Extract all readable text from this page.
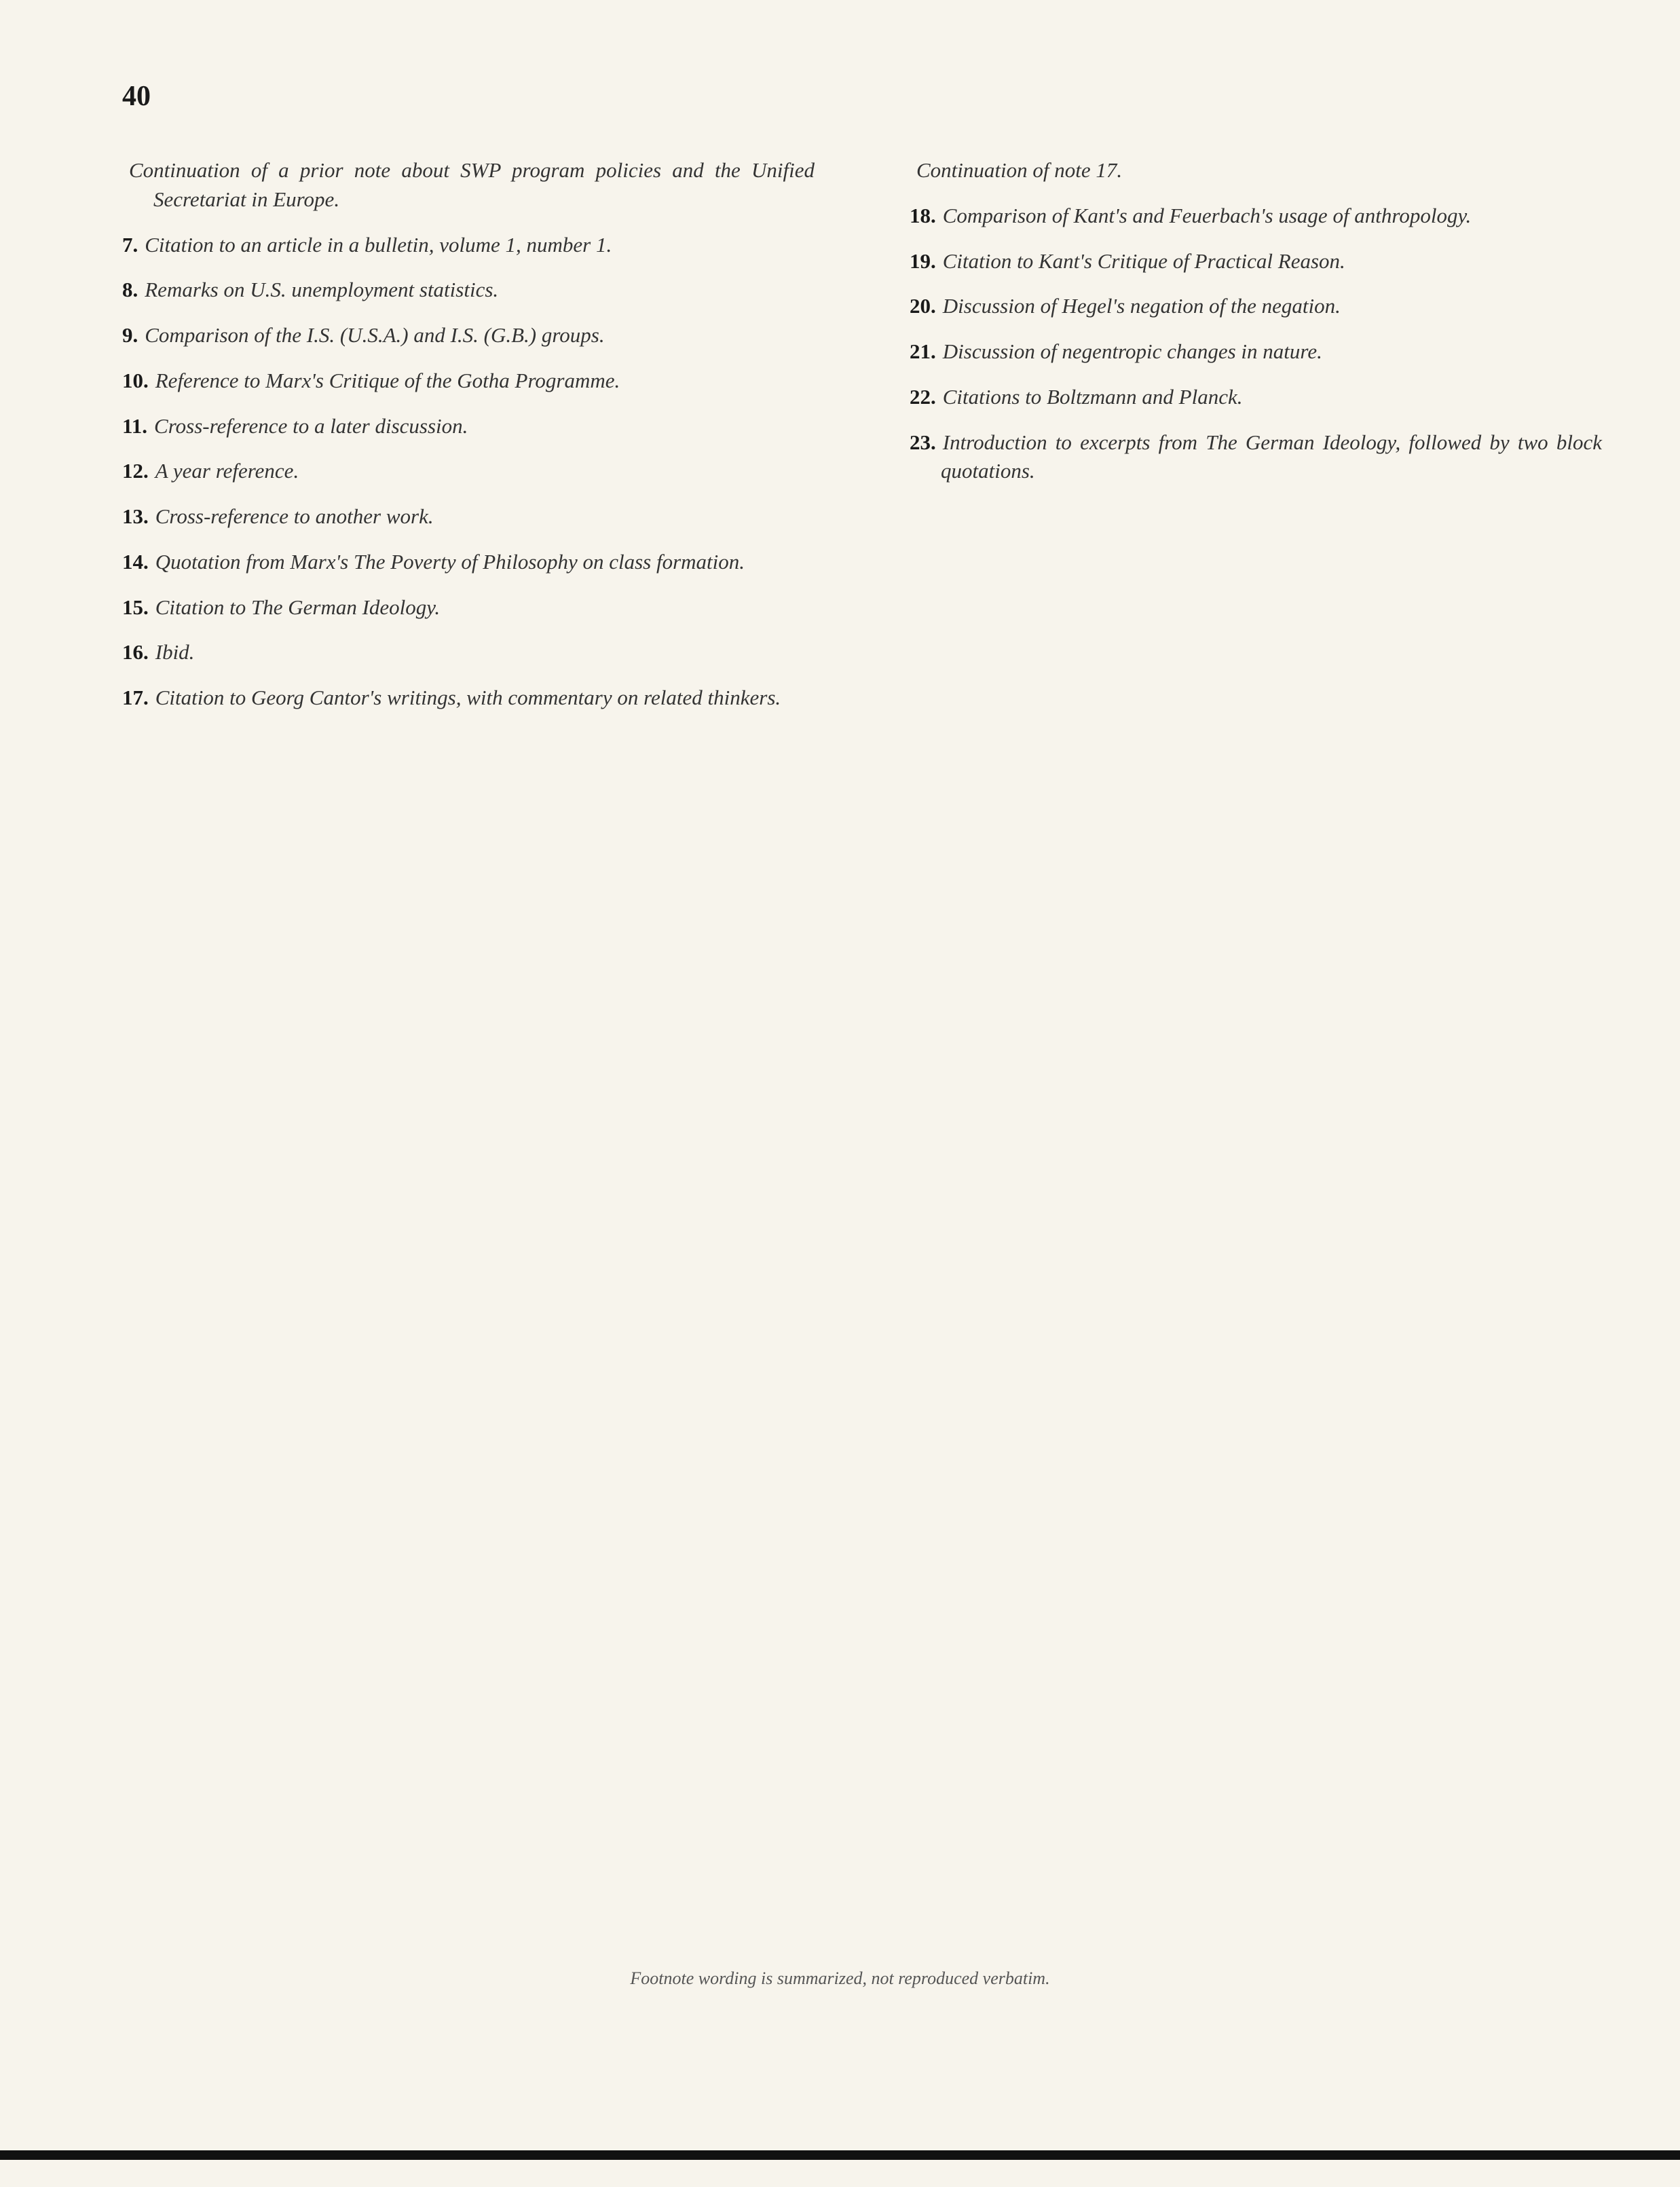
40

Continuation of a prior note about SWP program policies and the Unified Secretariat in Europe.

7. Citation to an article in a bulletin, volume 1, number 1.

8. Remarks on U.S. unemployment statistics.

9. Comparison of the I.S. (U.S.A.) and I.S. (G.B.) groups.

10. Reference to Marx's Critique of the Gotha Programme.

11. Cross-reference to a later discussion.

12. A year reference.

13. Cross-reference to another work.

14. Quotation from Marx's The Poverty of Philosophy on class formation.

15. Citation to The German Ideology.

16. Ibid.

17. Citation to Georg Cantor's writings, with commentary on related thinkers.

Continuation of note 17.

18. Comparison of Kant's and Feuerbach's usage of anthropology.

19. Citation to Kant's Critique of Practical Reason.

20. Discussion of Hegel's negation of the negation.

21. Discussion of negentropic changes in nature.

22. Citations to Boltzmann and Planck.

23. Introduction to excerpts from The German Ideology, followed by two block quotations.

Footnote wording is summarized, not reproduced verbatim.
